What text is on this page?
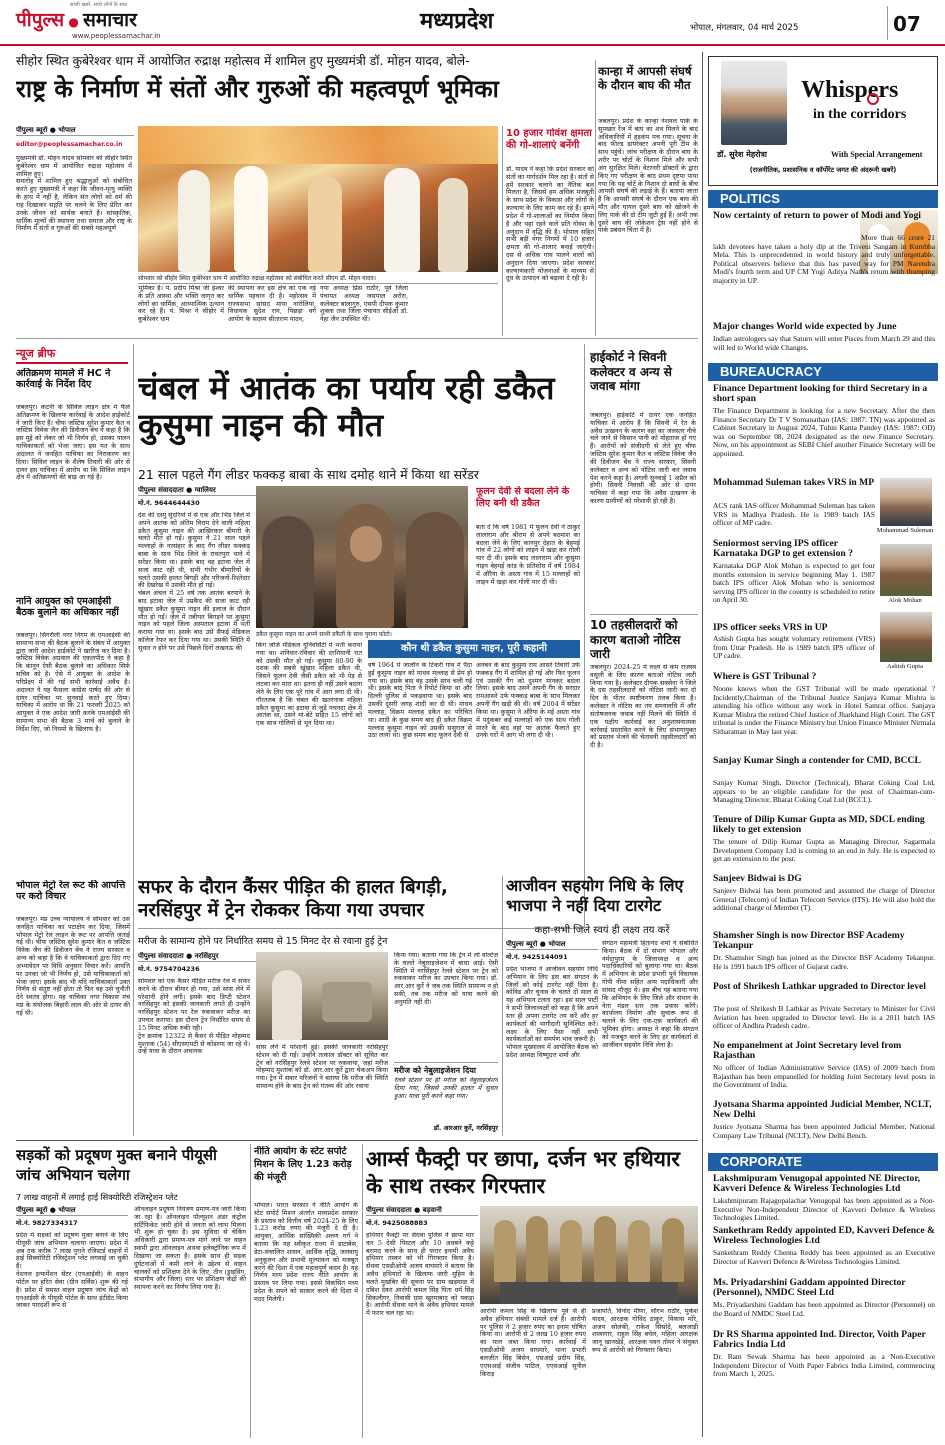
सच्ची खबरें, सच्चे लोगों के साथ
पीपुल्स ● समाचार
www.peoplessamachar.in
मध्यप्रदेश	भोपाल, मंगलवार, 04 मार्च 2025	07
सीहोर स्थित कुबेरेश्वर धाम में आयोजित रुद्राक्ष महोत्सव में शामिल हुए मुख्यमंत्री डॉ. मोहन यादव, बोले-
राष्ट्र के निर्माण में संतों और गुरुओं की महत्वपूर्ण भूमिका
पीपुल्स ब्यूरो ● भोपाल
editor@peoplessamachar.co.in
मुख्यमंत्री डॉ. मोहन यादव सोमवार को सीहोर स्थित कुबेरेश्वर धाम में आयोजित रुद्राक्ष महोत्सव में शामिल हुए।
समारोह में शामिल हुए श्रद्धालुओं को संबोधित करते हुए मुख्यमंत्री ने कहा कि जीवन-मृत्यु व्यक्ति के हाथ में नहीं है, लेकिन संत लोगों को धर्म की राह दिखाकर सद्गति पर चलने के लिए प्रेरित कर उनके जीवन को सार्थक बनाते हैं। सांस्कृतिक, धार्मिक मूल्यों की स्थापना तथा समाज और राष्ट्र के निर्माण में संतों व गुरुओं की सबसे महत्वपूर्ण
सोमवार को सीहोर स्थित कुबेरेश्वर धाम में आयोजित रुद्राक्ष महोत्सव को संबोधित करते सीएम डॉ. मोहन यादव।
भूमिका है। पं. प्रदीप मिश्रा जी ईश्वर के प्रति आस्था और भक्ति जागृत कर लोगों का धार्मिक, आध्यात्मिक उत्थान कर रहे हैं। पं. मिश्रा ने सीहोर में कुबेरेश्वर धाम
की स्थापना कर इस क्षेत्र को एक नई धार्मिक पहचान दी है। महोत्सव में राज्यसभा सांसद माया नारोलिया, विधायक सुदेश राय, पिछड़ा वर्ग आयोग के सदस्य सीताराम यादव,
नपा अध्यक्ष प्रिंस राठौर, पूर्व जिला पंचायत अध्यक्ष जसपाल अरोरा, कलेक्टर बालागुरु, एसपी दीपक कुमार शुक्ला तथा जिला पंचायत सीईओ डॉ. नेहा जैन उपस्थित थीं।
10 हजार गोवंश क्षमता की गो-शालाएं बनेंगी
डॉ. यादव ने कहा कि प्रदेश सरकार को संतों का मार्गदर्शन मिल रहा है। संतों से हमें सरकार चलाने का नैतिक बल मिलता है, जिससे हम अधिक मजबूती के साथ प्रदेश के विकास और लोगों के कल्याण के लिए काम कर रहे हैं। हमने प्रदेश में गो-शालाओं का निर्माण किया है और यहां रहने वाले प्रति गोवंश के अनुदान में वृद्धि की है। भोपाल सहित सभी बड़ी नगर निगमों में 10 हजार क्षमता की गो-शालाएं बनाई जाएंगी। दस से अधिक गाय पालने वालों को अनुदान दिया जाएगा। प्रदेश सरकार कल्याणकारी योजनाओं के माध्यम से दूध के उत्पादन को बढ़ावा दे रही है।
कान्हा में आपसी संघर्ष के दौरान बाघ की मौत
जबलपुर। प्रदेश के कान्हा नेशनल पार्क के सुपखार रेंज में बाघ का शव मिलने के बाद अधिकारियों में हड़कंप मच गया। सूचना के बाद फील्ड डायरेक्टर अपनी पूरी टीम के साथ पहुंचे। जांच परीक्षण के दौरान बाघ के शरीर पर चोटों के निशान मिले और सभी अंग सुरक्षित मिले। वेटरनरी डॉक्टरों के द्वारा किए गए परीक्षण के बाद प्रथम दृष्टया पाया गया कि यह चोटें के निशान दो बाघों के बीच आपसी संघर्ष की लड़ाई के हैं। बताया जाता है कि आपसी संघर्ष के दौरान एक बाघ की मौत और घायल दूसरे बाघ को खोजने के लिए पार्क की दो टीम जुटी हुई हैं। अभी तक दूसरे बाघ की लोकेशन ट्रेस नहीं होने से पार्क प्रबंधन चिंता में है।
Whispers
in the corridors
डॉ. सुरेश मेहरोत्रा	With Special Arrangement
(राजनीतिक, प्रशासनिक व कॉर्पोरेट जगत की अंदरूनी खबरें)
POLITICS
Now certainty of return to power of Modi and Yogi
More than 66 crore 21 lakh devotees have taken a holy dip at the Triveni Sangam in Kumbha Mela. This is unprecedented in world history and truly unforgettable. Political observers believe that this has paved way for PM Narendra Modi's fourth term and UP CM Yogi Aditya Nath's return with thumping majority in UP.
Major changes World wide expected by June
Indian astrologers say that Saturn will enter Pisces from March 29 and this will led to World wide Changes.
BUREAUCRACY
Finance Department looking for third Secretary in a short span
The Finance Department is looking for a new Secretary. After the then Finance Secretary Dr T V Somanathan (IAS: 1987: TN) was appointed as Cabinet Secretary in August 2024, Tuhin Kanta Pandey (IAS: 1987: OD) was on September 08, 2024 designated as the new Finance Secretary. Now, on his appointment as SEBI Chief another Finance Secretary will be appointed.
Mohammad Suleman
Mohammad Suleman takes VRS in MP
ACS rank IAS officer Mohammad Suleman has taken VRS in Madhya Pradesh. He is 1989 batch IAS officer of MP cadre.
Alok Mohan
Seniormost serving IPS officer Karnataka DGP to get extension ?
Karnataka DGP Alok Mohan is expected to get four months extension in service beginning May 1. 1987 batch IPS officer Alok Mohan who is seniormost serving IPS officer in the country is scheduled to retire on April 30.
Ashish Gupta
IPS officer seeks VRS in UP
Ashish Gupta has sought voluntary retirement (VRS) from Uttar Pradesh. He is 1989 batch IPS officer of UP cadre.
Where is GST Tribunal ?
Noone knows when the GST Tribunal will be made operational ? Incidently,Chairman of the Tribunal Justice Sanjaya Kumar Mishra is attending his office without any work in Hotel Samrat office. Sanjaya Kumar Mishra the retired Chief Justice of Jharkhand High Court. The GST tribunal is under the Finance Ministry but Union Finance Minister Nirmala Sitharaman in May last year.
Sanjay Kumar Singh a contender for CMD, BCCL
Sanjay Kumar Singh, Director (Technical), Bharat Coking Coal Ltd, appears to be an eligible candidate for the post of Chairman-cum-Managing Director, Bharat Coking Coal Ltd (BCCL).
Tenure of Dilip Kumar Gupta as MD, SDCL ending likely to get extension
The tenure of Dilip Kumar Gupta as Managing Director, Sagarmala Development Company Ltd is coming to an end in July. He is expected to get an extension to the post.
Sanjeev Bidwai is DG
Sanjeev Bidwai has been promoted and assumed the charge of Director General (Telecom) of Indian Telecom Service (ITS). He will also hold the additional charge of Member (T).
Shamsher Singh is now Director BSF Academy Tekanpur
Dr. Shamsher Singh has joined as the Director BSF Academy Tekanpur. He is 1991 batch IPS officer of Gujarat cadre.
Post of Shrikesh Lathkar upgraded to Director level
The post of Shrikesh B Lathkar as Private Secretary to Minister for Civil Aviation has been upgraded to Director level. He is a 2011 batch IAS officer of Andhra Pradesh cadre.
No empanelment at Joint Secretary level from Rajasthan
No officer of Indian Administrative Service (IAS) of 2009 batch from Rajasthan has been empanelled for holding Joint Secretary level posts in the Government of India.
Jyotsana Sharma appointed Judicial Member, NCLT, New Delhi
Justice Jyotsana Sharma has been appointed Judicial Member, National Company Law Tribunal (NCLT), New Delhi Bench.
CORPORATE
Lakshmipuram Venugopal appointed NE Director, Kavveri Defence & Wireless Technologies Ltd
Lakshmipuram Rajagopalachar Venugopal has been appointed as a Non-Executive Non-Independent Director of Kavveri Defence & Wireless Technologies Limited.
Sankethram Reddy appointed ED, Kavveri Defence & Wireless Technologies Ltd
Sankethram Reddy Chenna Reddy has been appointed as an Executive Director of Kavveri Defence & Wireless Technologies Limited.
Ms. Priyadarshini Gaddam appointed Director (Personnel), NMDC Steel Ltd
Ms. Priyadarshini Gaddam has been appointed as Director (Personnel) on the Board of NMDC Steel Ltd.
Dr RS Sharma appointed Ind. Director, Voith Paper Fabrics India Ltd
Dr. Ram Sewak Sharma has been appointed as a Non-Executive Independent Director of Voith Paper Fabrics India Limited, commencing from March 1, 2025.
न्यूज ब्रीफ
अतिक्रमण मामले में HC ने कार्रवाई के निर्देश दिए
जबलपुर। कटनी के सिविल लाइन क्षेत्र में फैले अतिक्रमण के खिलाफ कार्रवाई के आदेश हाईकोर्ट ने जारी किए हैं। चीफ जस्टिस सुरेश कुमार कैत व जस्टिस विवेक जैन की डिवीजन बेंच ने कहा है कि इस मुद्दे को लेकर जो भी निर्णय हो, उसका पालन याचिकाकर्ता को भेजा जाए। इस मत के साथ अदालत ने जनहित याचिका का निराकरण कर दिया। सिविल लाइन के शैलेष तिवारी की ओर से दायर इस याचिका में आरोप था कि सिविल लाइन क्षेत्र में अतिक्रमणों की बाढ़ आ गई है।
नानि आयुक्त को एमआईसी बैठक बुलाने का अधिकार नहीं
जबलपुर। सिंगरौली नगर निगम के एमआईसी की सामान्य सभा की बैठक बुलाने के संबंध में आयुक्त द्वारा जारी आदेश हाईकोर्ट ने खारिज कर दिया है। जस्टिस विवेक अग्रवाल की एकलपीठ ने कहा है कि कानून ऐसी बैठक बुलाने का अधिकार सिर्फ सचिव को है। ऐसे में आयुक्त के आदेश के परिप्रेक्ष्य में की गई सभी कार्रवाई अवैध है। अदालत ने यह फैसला कांग्रेस पार्षद की ओर से दायर याचिका पर सुनवाई करते हुए दिया। याचिका में आरोप था कि 21 फरवरी 2025 को आयुक्त ने एक आदेश जारी करके एमआईसी की सामान्य सभा की बैठक 3 मार्च को बुलाने के निर्देश दिए, जो नियमों के खिलाफ है।
भोपाल मेट्रो रेल रूट की आपत्ति पर करो विचार
जबलपुर। मप्र उच्च न्यायालय ने सोमवार को उस जनहित याचिका का पटाक्षेप कर दिया, जिसमें भोपाल मेट्रो रेल लाइन के रूट पर आपत्ति जताई गई थी। चीफ जस्टिस सुरेश कुमार कैत व जस्टिस विवेक जैन की डिवीजन बेंच ने राज्य सरकार व अन्य को कहा है कि वे याचिकाकर्ता द्वारा दिए गए अभ्यावेदन पर विधि अनुसार विचार करें। आपत्ति पर उनका जो भी निर्णय हो, उसे याचिकाकर्ता को भेजा जाए। इसके बाद भी यदि याचिकाकर्ता उक्त निर्णय से संतुष्ट नहीं होता तो फिर वह उसे चुनौती देने स्वतंत्र होगा। यह याचिका नगर विकास मंच मप्र के संयोजक बिहारी लाल की ओर से दायर की गई थी।
चंबल में आतंक का पर्याय रही डकैत कुसुमा नाइन की मौत
21 साल पहले गैंग लीडर फक्कड़ बाबा के साथ दमोह थाने में किया था सरेंडर
पीपुल्स संवाददाता ● ग्वालियर
मो.नं. 9644644430
देश की दस्यु सुंदरियों में से एक और भिंड जिले में अपने आतंक को अंतिम विराम देने वाली महिला डकैत कुसुमा नाइन की आखिरकार बीमारी के चलते मौत हो गई। कुसुमा ने 21 साल पहले मल्लाहों के नरसंहार के बाद गैंग लीडर फक्कड़ बाबा के साथ भिंड जिले के रावतपुरा थाने में सरेंडर किया था। इसके बाद वह इटावा जेल में सजा काट रही थी, सभी गंभीर बीमारियों के चलते उसकी हालत बिगड़ी और परिजनों-रिश्तेदार की देखरेख में उसकी मौत हो गई।
चंबल अंचल में 25 वर्ष तक आतंक बरपाने के बाद इटावा जेल में उम्रकैद की सजा काट रही खूंखार डकैत कुसुमा नाइन की इलाज के दौरान मौत हो गई। जेल में तबीयत बिगड़ने पर कुसुमा नाइन को पहले जिला अस्पताल इटावा में भर्ती कराया गया था। इसके बाद उसे सैफई मेडिकल कॉलेज रेफर कर दिया गया था। उसकी स्थिति में सुधार न होने पर उसे पिछले दिनों लखनऊ की
डकैत कुसुमा नाइन का अपने साथी डकैतों के साथ पुराना फोटो।
किंग जॉर्ज मेडिकल यूनिवर्सिटी में भर्ती कराया गया था। शनिवार-रविवार की दरमियानी रात को उसकी मौत हो गई। कुसुमा 80-90 के दशक की सबसे खूंखार महिला डकैत थी, जिसने फूलन देवी जैसी डकैत को भी पेड़ से लटका कर मारा था। इतना ही नहीं उसने बदला लेने के लिए एक पूरे गांव में आग लगा दी थी। गौरतलब है कि चंबल की खतरनाक महिला डकैत कुसुमा का इटावा से जुड़े पचनदा क्षेत्र में आतंक था, उसने मां-बेटे सहित 15 लोगों को एक साथ गोलियों से भून दिया था।
फूलन देवी से बदला लेने के लिए बनी थी डकैत
बता दें कि वर्ष 1981 में फूलन देवी ने ठाकुर लालाराम और श्रीराम से अपने बदमाश का बदला लेने के लिए कानपुर देहात के बेहमई गांव में 22 लोगों को लाइन में खड़ा कर गोली मार दी थी। इसके बाद लालाराम और कुसुमा नाइन बेहमई कांड के प्रतिशोध में वर्ष 1984 में औरैया के अस्ता गांव में 15 मल्लाहों को लाइन में खड़ा कर गोली मार दी थी।
कौन थी डकैत कुसुमा नाइन, पूरी कहानी
वर्ष 1964 में जालौन के टिकरी गांव में पैदा हुई कुसुमा नाइन को माधव मल्लाह से प्रेम हो गया था। इसके बाद वह उसके साथ चली गई थी। इसके बाद पिता ने रिपोर्ट किया था और दिल्ली पुलिस से पकड़वाया था। इसके बाद उसकी दूसरी जगह शादी कर दी थी। माधव मल्लाह, विक्रम मल्लाह डकैत का परिचित था। शादी के कुछ समय बाद ही डकैत विक्रम मल्लाह कुसुमा नाइन को उसकी ससुराल से उठा लाया था। कुछ समय बाद फूलन देवी से
अनबन के बाद कुसुमा राम आसरे तिवारी उर्फ फक्कड़ गैंग में शामिल हो गई और फिर फूलन एवं उसकी गैंग को दुश्मन मानकर बदला लिया। इसके बाद उसने अपनी गैंग के सरदार रामआसरे उर्फ फक्कड़ बाबा के साथ मिलकर अपनी गैंग खड़ी की थी। वर्ष 2004 में सरेंडर किया था। कुसुमा ने औरैया के मई अस्ता गांव में पदुंकबर कई मल्लाहों को एक साथ गोली मारने के बाद वहां पर आतंक फैलाते हुए उनके घरों में आग भी लगा दी थी।
हाईकोर्ट ने सिवनी कलेक्टर व अन्य से जवाब मांगा
जबलपुर। हाईकोर्ट में दायर एक जनहित याचिका में आरोप है कि सिवनी में रेत के अवैध उत्खनन के कारण वहां का जलस्तर नीचे चले जाने से किसान पानी को मोहताज हो गए हैं। आरोपों को संजीदगी से लेते हुए चीफ जस्टिस सुरेश कुमार कैत व जस्टिस विवेक जैन की डिवीजन बेंच ने राज्य सरकार, सिवनी कलेक्टर व अन्य को नोटिस जारी कर जवाब पेश करने कहा है। अगली सुनवाई 1 अप्रैल को होगी। सिवनी निवासी की ओर से दायर याचिका में कहा गया कि अवैध उत्खनन के कारण ग्रामीणों को परेशानी हो रही है।
10 तहसीलदारों को कारण बताओ नोटिस जारी
जबलपुर। 2024-25 में लक्ष्य से कम राजस्व वसूली के लिए कारण बताओ नोटिस जारी किया गया है। कलेक्टर दीपक सक्सेना ने जिले के दस तहसीलदारों को नोटिस जारी कर दो दिन के भीतर स्पष्टीकरण तलब किया है। कलेक्टर ने नोटिस का तय समयावधि में और संतोषजनक जवाब नहीं मिलने की स्थिति में एक पक्षीय कार्रवाई कर अनुशासनात्मक कार्रवाई प्रस्तावित करने के लिए संभागायुक्त को प्रस्ताव भेजने की चेतावनी तहसीलदारों को दी है।
सफर के दौरान कैंसर पीड़ित की हालत बिगड़ी, नरसिंहपुर में ट्रेन रोककर किया गया उपचार
मरीज के सामान्य होने पर निर्धारित समय से 15 मिनट देर से रवाना हुई ट्रेन
पीपुल्स संवाददाता ● नरसिंहपुर
मो.नं. 9754704236
सोमवार को एक कैंसर पीड़ित मरीज रेल में सफर करने के दौरान बीमार हो गया, उसे सांस लेने में परेशानी होने लगी। इसके बाद डिप्टी स्टेशन नरसिंहपुर को इसकी जानकारी लगते ही उन्होंने नरसिंहपुर स्टेशन पर रेल रुकवाकर मरीज का उपचार कराया। इस दौरान ट्रेन निर्धारित समय से 15 मिनट अधिक रुकी रही।
ट्रेन क्रमांक 12322 से कैंसर से पीड़ित मोहम्मद मुश्ताक (54) सीएसएमटी से कोडरमा जा रहे थे। उन्हें यात्रा के दौरान अचानक
सांस लेने में परेशानी हुई। इसकी जानकारी नरसिंहपुर स्टेशन को दी गई। उन्होंने तत्काल डॉक्टर को सूचित कर ट्रेन को नरसिंहपुर रेलवे स्टेशन पर रुकवाया, जहां मरीज मोहम्मद मुश्ताक को डॉ. आर.आर कुर्रे द्वारा चेकअप किया गया। ट्रेन में सवार परिजनों ने बताया कि मरीज की स्थिति सामान्य होने के बाद ट्रेन को गंतव्य की ओर रवाना
किया गया। बताया गया कि ट्रेन में लो वोल्टेज के चलते नेबुलाइजेशन में बाधा आई। ऐसी स्थिति में नरसिंहपुर रेलवे स्टेशन पर ट्रेन को रुकवाकर मरीज का उपचार किया गया। डॉ. आर.आर कुर्रे ने जब तक स्थिति सामान्य न हो सकी, तब तक मरीज को यात्रा करने की अनुमति नहीं दी।
मरीज को नेबुलाइजेशन दिया
रेलवे स्टेशन पर ही मरीज को नेबुलाइजेशन दिया गया, जिससे उनकी हालत में सुधार हुआ। यात्रा पूरी करने कहा गया।
डॉ. आरआर कुर्रे, नरसिंहपुर
आजीवन सहयोग निधि के लिए भाजपा ने नहीं दिया टारगेट
कहा-सभी जिले स्वयं ही लक्ष्य तय करें
पीपुल्स ब्यूरो ● भोपाल
मो.नं. 9425144091
प्रदेश भाजपा ने आजीवन सहयोग निधि अभियान के लिए इस बार संगठन के जिलों को कोई टारगेट नहीं दिया है। कोविड और चुनाव के चलते दो साल से यह अभियान टलता रहा। इस साल पार्टी ने सभी जिलाध्यक्षों को कहा है कि अपने स्तर ही अपना टारगेट तय करें और हर कार्यकर्ता की भागीदारी सुनिश्चित करें। लक्ष्य के लिए पैसा नहीं सभी कार्यकर्ताओं का समर्पण भाव जरूरी है।
भोपाल मुख्यालय में आयोजित बैठक को प्रदेश अध्यक्ष विष्णुदत्त शर्मा और
संगठन महामंत्री हितानंद शर्मा ने संबोधित किया। बैठक में दो संभाग भोपाल और नर्मदापुरम के जिलाध्यक्ष व अन्य पदाधिकारियों को बुलाया गया था। बैठक में अभियान के प्रदेश प्रभारी पूर्व विधायक गोपी नीमा सहित अन्य पदाधिकारी और सांसद मौजूद थे। इस बीच यह बताया गया कि अभियान के लिए जिले और संभाग के नेता मंडल स्तर तक प्रवास करेंगे। कार्यालय निर्माण और सुचारू रूप से चलाने के लिए एक-एक कार्यकर्ता की भूमिका होगा। अध्यक्ष ने कहा कि संगठन को मजबूत करने के लिए हर कार्यकर्ता से आजीवन सहयोग निधि लेना है।
सड़कों को प्रदूषण मुक्त बनाने पीयूसी जांच अभियान चलेगा
7 लाख वाहनों में लगाई हाई सिक्योरिटी रजिस्ट्रेशन प्लेट
पीपुल्स ब्यूरो ● भोपाल
मो.नं. 9827334317
प्रदेश में सड़कों को प्रदूषण मुक्त बनाने के लिए पीयूसी जांच अभियान चलाया जाएगा। प्रदेश में अब तक करीब 7 लाख पुराने रजिस्टर्ड वाहनों में हाई सिक्योरिटी रजिस्ट्रेशन प्लेट लगवाई जा चुकी हैं।
नेशनल इन्फर्मेशन सेंटर (एनआईसी) के वाहन पोर्टल पर हरित सेवा (ग्रीन सर्विस) शुरू की गई है। प्रदेश में समस्त वाहन प्रदूषण जांच केंद्रों को एनआईसी के पीयूसी पोर्टल के साथ इंटीग्रेट किया जाकर पारदर्शी रूप से
ऑनलाइन प्रदूषण नियंत्रण प्रमाण-पत्र जारी किया जा रहा है। ऑनलाइन पॉल्यूशन अंडर कंट्रोल सर्टिफिकेट जारी होने से जनता को लाभ मिलना भी शुरू हो चुका है। इस सुविधा से चेकिंग अधिकारी द्वारा प्रमाण-पत्र मांगे जाने पर वाहन स्वामी द्वारा ऑनलाइन अथवा इलेक्ट्रॉनिक रूप में दिखाया जा सकता है। इसके साथ ही सड़क दुर्घटनाओं में कमी लाने के उद्देश्य से वाहन चालकों को प्रशिक्षण देने के लिए, तीन (ड्राइविंग, संभागीय और जिला) स्तर पर प्रशिक्षण केंद्रों की स्थापना करने का निर्णय लिया गया है।
नीति आयोग के स्टेट सपोर्ट मिशन के लिए 1.23 करोड़ की मंजूरी
भोपाल। भारत सरकार ने नीति आयोग के स्टेट सपोर्ट मिशन अंतर्गत मध्यप्रदेश सरकार के प्रस्ताव को वित्तीय वर्ष 2024-25 के लिए 1.23 करोड़ रुपए की मंजूरी दे दी है। आयुक्त, आर्थिक सांख्यिकी अरुण गर्ग ने बताया कि यह स्वीकृत राज्य में डाटाबेस, डेटा-संचालित शासन, आर्थिक वृद्धि, जलवायु अनुकूलन और प्रभावी मूल्यांकन को मजबूत करने की दिशा में एक महत्वपूर्ण कदम है। यह निर्णय मध्य प्रदेश राज्य नीति आयोग के प्रस्ताव पर लिया गया। इससे विकसित मध्य प्रदेश के सपने को साकार करने की दिशा में मदद मिलेगी।
आर्म्स फैक्ट्री पर छापा, दर्जन भर हथियार के साथ तस्कर गिरफ्तार
पीपुल्स संवाददाता ● बड़वानी
मो.नं. 9425088883
हथियार फैक्ट्री पर सेंधवा पुलिस ने छापा मार कर 5 देसी पिस्टल और 10 अधबने कट्टे बरामद करने के साथ ही फरार इनामी अवैध हथियार तस्कर को भी गिरफ्तार किया है। सेंधवा एसडीओपी अजय वाघमारे ने बताया कि अवैध हथियारों के खिलाफ जारी मुहिम के चलते मुखबिर की सूचना पर ग्राम खड़माळ में दबिश देकर आरोपी कमल सिंह पिता धर्म सिंह सिकलीगर, निवासी ग्राम खुरमाबाद को पकड़ा है। आरोपी सेंधवा थाने के अवैध हथियार मामले में फरार चल रहा था।	आरोपी कमल सिंह के खिलाफ पूर्व से ही अवैध हथियार संबंधी मामले दर्ज हैं। आरोपी पर पुलिस ने 2 हजार रुपए का इनाम घोषित किया था। आरोपी से 2 लाख 10 हजार रुपए का माल जब्त किया गया। कार्रवाई में एसडीओपी अजय वाघमारे, थाना प्रभारी बलजीत सिंह बिसेन, एसआई प्रदीप सिंह, एएसआई संजीव पाटिल, एएसआई सुनील किराड़
प्रजापति, विनोद मीणा, सौरभ राठौर, मुकेश यादव, आरक्षक गोविंद ठाकुर, विकास मोरे, अजय सोलंकी, राकेश सिसोदे, बलजाड़ी शस्त्रागार, राहुल सिंह बघेल, महिला आरक्षक जानू खानखेड़े, आरक्षक पवन तोमर ने संयुक्त रूप से आरोपी को गिरफ्तार किया।
